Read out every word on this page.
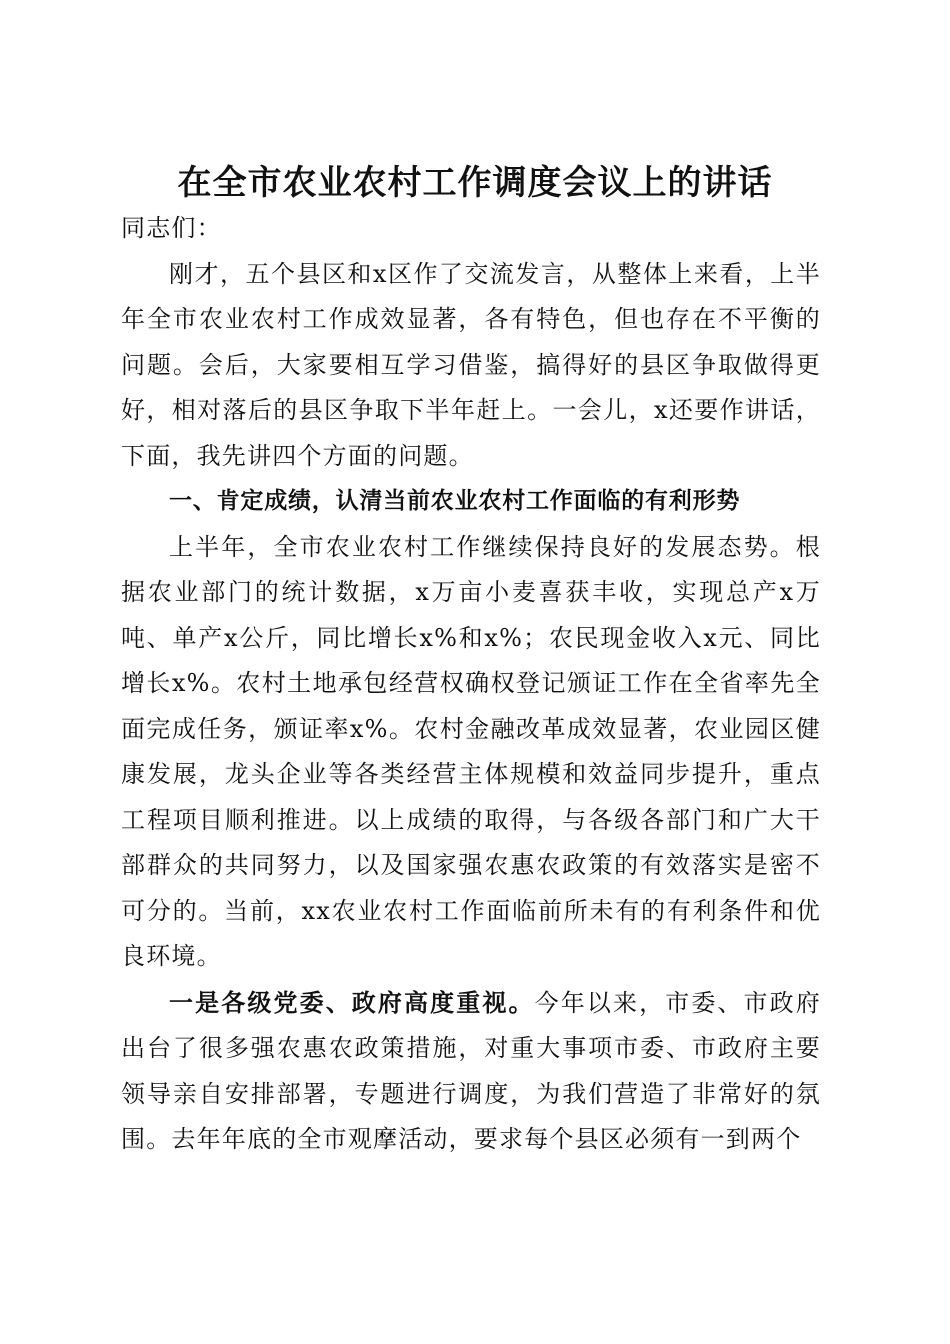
在全市农业农村工作调度会议上的讲话

同志们：

刚才，五个县区和x区作了交流发言，从整体上来看，上半年全市农业农村工作成效显著，各有特色，但也存在不平衡的问题。会后，大家要相互学习借鉴，搞得好的县区争取做得更好，相对落后的县区争取下半年赶上。一会儿，x还要作讲话，下面，我先讲四个方面的问题。

一、肯定成绩，认清当前农业农村工作面临的有利形势

上半年，全市农业农村工作继续保持良好的发展态势。根据农业部门的统计数据，x万亩小麦喜获丰收，实现总产x万吨、单产x公斤，同比增长x%和x%；农民现金收入x元、同比增长x%。农村土地承包经营权确权登记颁证工作在全省率先全面完成任务，颁证率x%。农村金融改革成效显著，农业园区健康发展，龙头企业等各类经营主体规模和效益同步提升，重点工程项目顺利推进。以上成绩的取得，与各级各部门和广大干部群众的共同努力，以及国家强农惠农政策的有效落实是密不可分的。当前，xx农业农村工作面临前所未有的有利条件和优良环境。

一是各级党委、政府高度重视。今年以来，市委、市政府出台了很多强农惠农政策措施，对重大事项市委、市政府主要领导亲自安排部署，专题进行调度，为我们营造了非常好的氛围。去年年底的全市观摩活动，要求每个县区必须有一到两个
